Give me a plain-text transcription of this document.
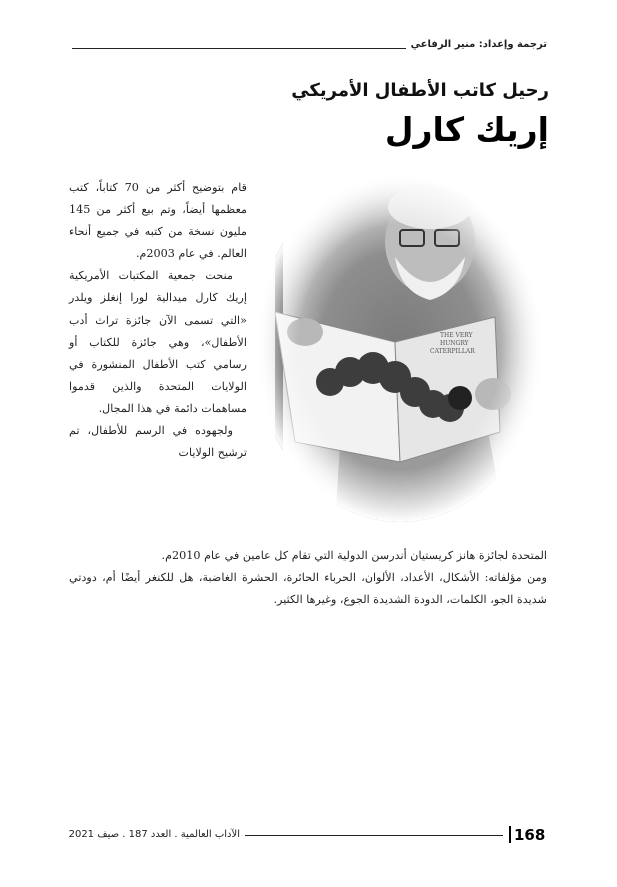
ترجمة وإعداد: منير الرفاعي
رحيل كاتب الأطفال الأمريكي
إريك كارل

قام بتوضيح أكثر من 70 كتاباً، كتب معظمها أيضاً، وتم بيع أكثر من 145 مليون نسخة من كتبه في جميع أنحاء العالم. في عام 2003م.

منحت جمعية المكتبات الأمريكية إريك كارل ميدالية لورا إنغلز ويلدر «التي تسمى الآن جائزة تراث أدب الأطفال»، وهي جائزة للكتاب أو رسامي كتب الأطفال المنشورة في الولايات المتحدة والذين قدموا مساهمات دائمة في هذا المجال.

ولجهوده في الرسم للأطفال، تم ترشيح الولايات

المتحدة لجائزة هانز كريستيان أندرسن الدولية التي تقام كل عامين في عام 2010م.

ومن مؤلفاته: الأشكال، الأعداد، الألوان، الحرباء الحائرة، الحشرة الغاضبة، هل للكنغر أيضًا أم، دودتي شديدة الجو، الكلمات، الدودة الشديدة الجوع، وغيرها الكثير.

168
الآداب العالمية . العدد 187 . صيف 2021
